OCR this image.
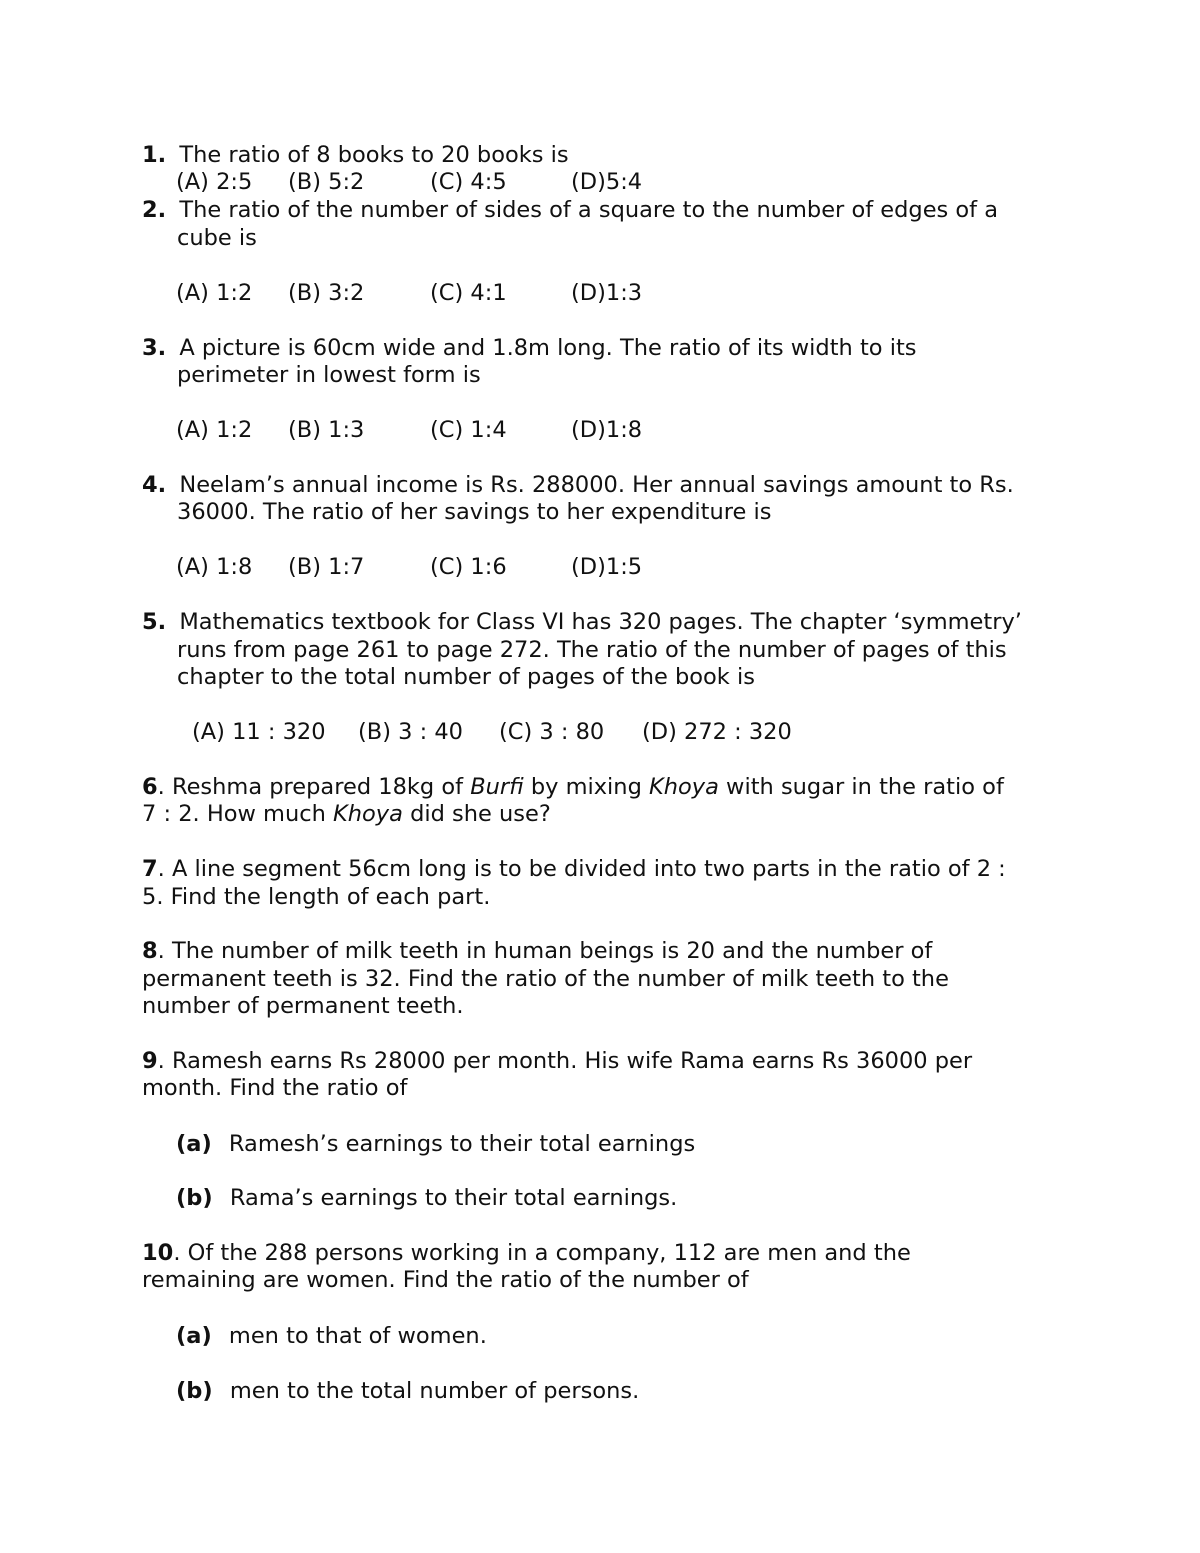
1. The ratio of 8 books to 20 books is
(A) 2:5 (B) 5:2	(C) 4:5	(D)5:4
2. The ratio of the number of sides of a square to the number of edges of a
cube is
(A) 1:2 (B) 3:2	(C) 4:1	(D)1:3
3. A picture is 60cm wide and 1.8m long. The ratio of its width to its
perimeter in lowest form is
(A) 1:2 (B) 1:3	(C) 1:4	(D)1:8
4. Neelam’s annual income is Rs. 288000. Her annual savings amount to Rs.
36000. The ratio of her savings to her expenditure is
(A) 1:8 (B) 1:7	(C) 1:6	(D)1:5
5. Mathematics textbook for Class VI has 320 pages. The chapter ‘symmetry’
runs from page 261 to page 272. The ratio of the number of pages of this
chapter to the total number of pages of the book is
(A) 11 : 320 (B) 3 : 40 (C) 3 : 80 (D) 272 : 320
6. Reshma prepared 18kg of Burfi by mixing Khoya with sugar in the ratio of
7 : 2. How much Khoya did she use?
7. A line segment 56cm long is to be divided into two parts in the ratio of 2 :
5. Find the length of each part.
8. The number of milk teeth in human beings is 20 and the number of
permanent teeth is 32. Find the ratio of the number of milk teeth to the
number of permanent teeth.
9. Ramesh earns Rs 28000 per month. His wife Rama earns Rs 36000 per
month. Find the ratio of
(a) Ramesh’s earnings to their total earnings
(b) Rama’s earnings to their total earnings.
10. Of the 288 persons working in a company, 112 are men and the
remaining are women. Find the ratio of the number of
(a) men to that of women.
(b) men to the total number of persons.
